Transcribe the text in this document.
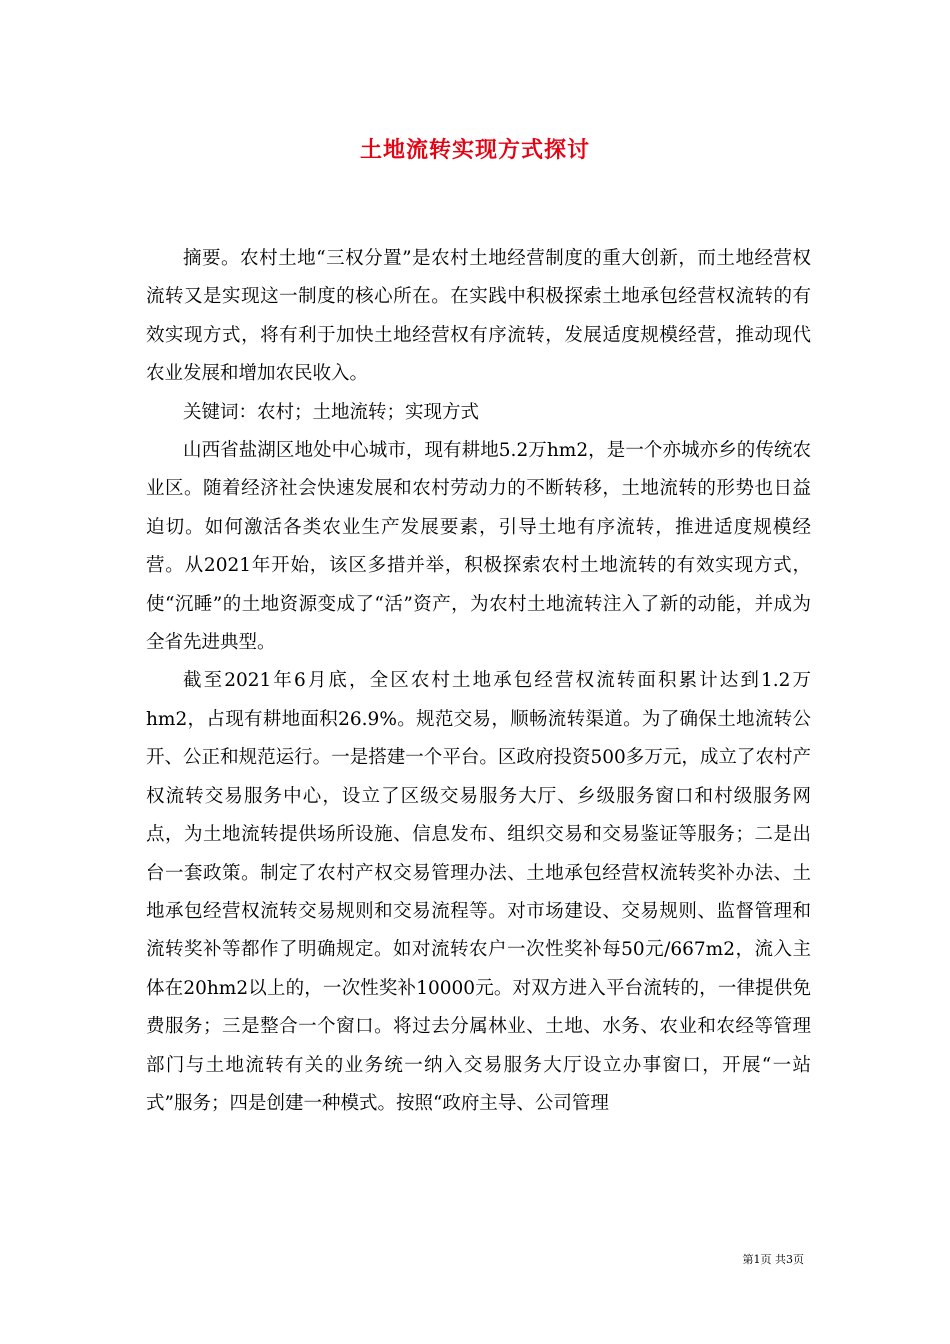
土地流转实现方式探讨

摘要。农村土地“三权分置”是农村土地经营制度的重大创新，而土地经营权流转又是实现这一制度的核心所在。在实践中积极探索土地承包经营权流转的有效实现方式，将有利于加快土地经营权有序流转，发展适度规模经营，推动现代农业发展和增加农民收入。

关键词：农村；土地流转；实现方式

山西省盐湖区地处中心城市，现有耕地5.2万hm2，是一个亦城亦乡的传统农业区。随着经济社会快速发展和农村劳动力的不断转移，土地流转的形势也日益迫切。如何激活各类农业生产发展要素，引导土地有序流转，推进适度规模经营。从2021年开始，该区多措并举，积极探索农村土地流转的有效实现方式，使“沉睡”的土地资源变成了“活”资产，为农村土地流转注入了新的动能，并成为全省先进典型。

截至2021年6月底，全区农村土地承包经营权流转面积累计达到1.2万hm2，占现有耕地面积26.9%。规范交易，顺畅流转渠道。为了确保土地流转公开、公正和规范运行。一是搭建一个平台。区政府投资500多万元，成立了农村产权流转交易服务中心，设立了区级交易服务大厅、乡级服务窗口和村级服务网点，为土地流转提供场所设施、信息发布、组织交易和交易鉴证等服务；二是出台一套政策。制定了农村产权交易管理办法、土地承包经营权流转奖补办法、土地承包经营权流转交易规则和交易流程等。对市场建设、交易规则、监督管理和流转奖补等都作了明确规定。如对流转农户一次性奖补每50元/667m2，流入主体在20hm2以上的，一次性奖补10000元。对双方进入平台流转的，一律提供免费服务；三是整合一个窗口。将过去分属林业、土地、水务、农业和农经等管理部门与土地流转有关的业务统一纳入交易服务大厅设立办事窗口，开展“一站式”服务；四是创建一种模式。按照“政府主导、公司管理

第1页 共3页
